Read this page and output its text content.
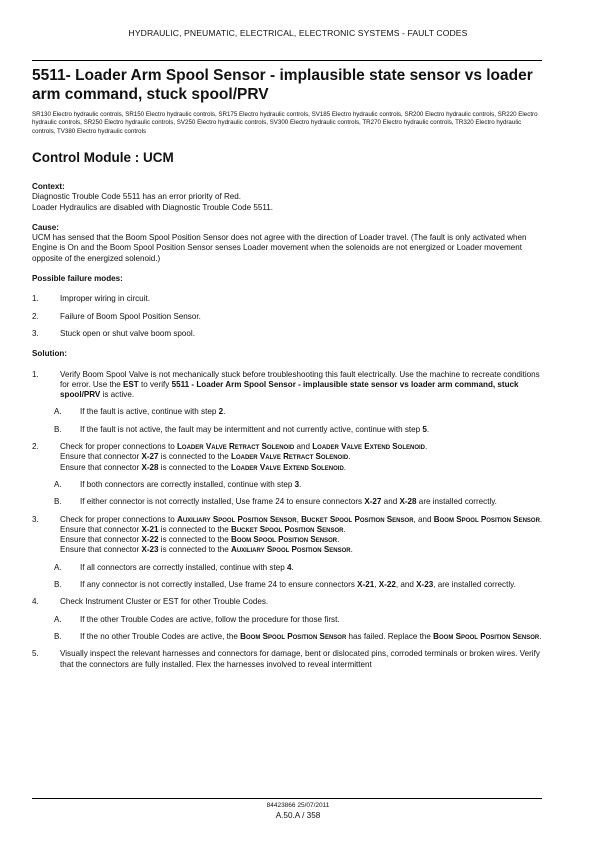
HYDRAULIC, PNEUMATIC, ELECTRICAL, ELECTRONIC SYSTEMS - FAULT CODES
5511- Loader Arm Spool Sensor - implausible state sensor vs loader arm command, stuck spool/PRV
SR130 Electro hydraulic controls, SR150 Electro hydraulic controls, SR175 Electro hydraulic controls, SV185 Electro hydraulic controls, SR200 Electro hydraulic controls, SR220 Electro hydraulic controls, SR250 Electro hydraulic controls, SV250 Electro hydraulic controls, SV300 Electro hydraulic controls, TR270 Electro hydraulic controls, TR320 Electro hydraulic controls, TV380 Electro hydraulic controls
Control Module : UCM

Context:

Diagnostic Trouble Code 5511 has an error priority of Red.

Loader Hydraulics are disabled with Diagnostic Trouble Code 5511.

Cause:

UCM has sensed that the Boom Spool Position Sensor does not agree with the direction of Loader travel. (The fault is only activated when Engine is On and the Boom Spool Position Sensor senses Loader movement when the solenoids are not energized or Loader movement opposite of the energized solenoid.)

Possible failure modes:

1.	Improper wiring in circuit.
2.	Failure of Boom Spool Position Sensor.
3.	Stuck open or shut valve boom spool.

Solution:

1.	Verify Boom Spool Valve is not mechanically stuck before troubleshooting this fault electrically. Use the machine to recreate conditions for error. Use the EST to verify 5511 - Loader Arm Spool Sensor - implausible state sensor vs loader arm command, stuck spool/PRV is active.
A.	If the fault is active, continue with step 2.
B.	If the fault is not active, the fault may be intermittent and not currently active, continue with step 5.
2.	Check for proper connections to Loader Valve Retract Solenoid and Loader Valve Extend Solenoid.
Ensure that connector X-27 is connected to the Loader Valve Retract Solenoid.
Ensure that connector X-28 is connected to the Loader Valve Extend Solenoid.
A.	If both connectors are correctly installed, continue with step 3.
B.	If either connector is not correctly installed, Use frame 24 to ensure connectors X-27 and X-28 are installed correctly.
3.	Check for proper connections to Auxiliary Spool Position Sensor, Bucket Spool Position Sensor, and Boom Spool Position Sensor.
Ensure that connector X-21 is connected to the Bucket Spool Position Sensor.
Ensure that connector X-22 is connected to the Boom Spool Position Sensor.
Ensure that connector X-23 is connected to the Auxiliary Spool Position Sensor.
A.	If all connectors are correctly installed, continue with step 4.
B.	If any connector is not correctly installed, Use frame 24 to ensure connectors X-21, X-22, and X-23, are installed correctly.
4.	Check Instrument Cluster or EST for other Trouble Codes.
A.	If the other Trouble Codes are active, follow the procedure for those first.
B.	If the no other Trouble Codes are active, the Boom Spool Position Sensor has failed. Replace the Boom Spool Position Sensor.
5.	Visually inspect the relevant harnesses and connectors for damage, bent or dislocated pins, corroded terminals or broken wires. Verify that the connectors are fully installed. Flex the harnesses involved to reveal intermittent
84423866 25/07/2011
A.50.A / 358
